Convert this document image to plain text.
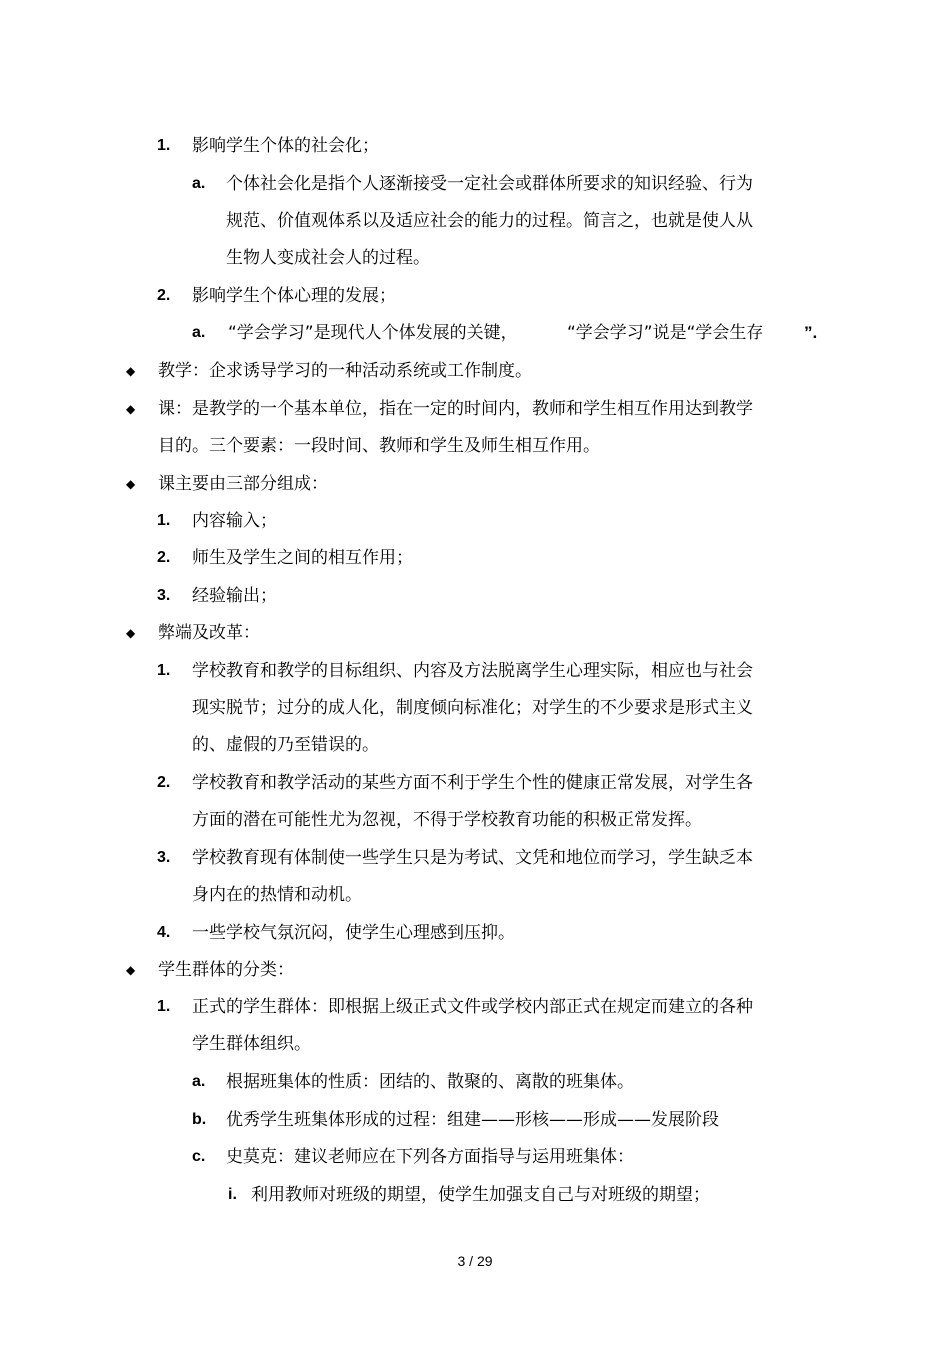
1. 影响学生个体的社会化；
a. 个体社会化是指个人逐渐接受一定社会或群体所要求的知识经验、行为
规范、价值观体系以及适应社会的能力的过程。简言之，也就是使人从
生物人变成社会人的过程。
2. 影响学生个体心理的发展；
a. “学会学习”是现代人个体发展的关键，	“学会学习”说是“学会生存 ”.
◆ 教学：企求诱导学习的一种活动系统或工作制度。
◆ 课：是教学的一个基本单位，指在一定的时间内，教师和学生相互作用达到教学
目的。三个要素：一段时间、教师和学生及师生相互作用。
◆ 课主要由三部分组成：
1. 内容输入；
2. 师生及学生之间的相互作用；
3. 经验输出；
◆ 弊端及改革：
1. 学校教育和教学的目标组织、内容及方法脱离学生心理实际，相应也与社会
现实脱节；过分的成人化，制度倾向标准化；对学生的不少要求是形式主义
的、虚假的乃至错误的。
2. 学校教育和教学活动的某些方面不利于学生个性的健康正常发展，对学生各
方面的潜在可能性尤为忽视，不得于学校教育功能的积极正常发挥。
3. 学校教育现有体制使一些学生只是为考试、文凭和地位而学习，学生缺乏本
身内在的热情和动机。
4. 一些学校气氛沉闷，使学生心理感到压抑。
◆ 学生群体的分类：
1. 正式的学生群体：即根据上级正式文件或学校内部正式在规定而建立的各种
学生群体组织。
a. 根据班集体的性质：团结的、散聚的、离散的班集体。
b. 优秀学生班集体形成的过程：组建——形核——形成——发展阶段
c. 史莫克：建议老师应在下列各方面指导与运用班集体：
i. 利用教师对班级的期望，使学生加强支自己与对班级的期望；
3 / 29
